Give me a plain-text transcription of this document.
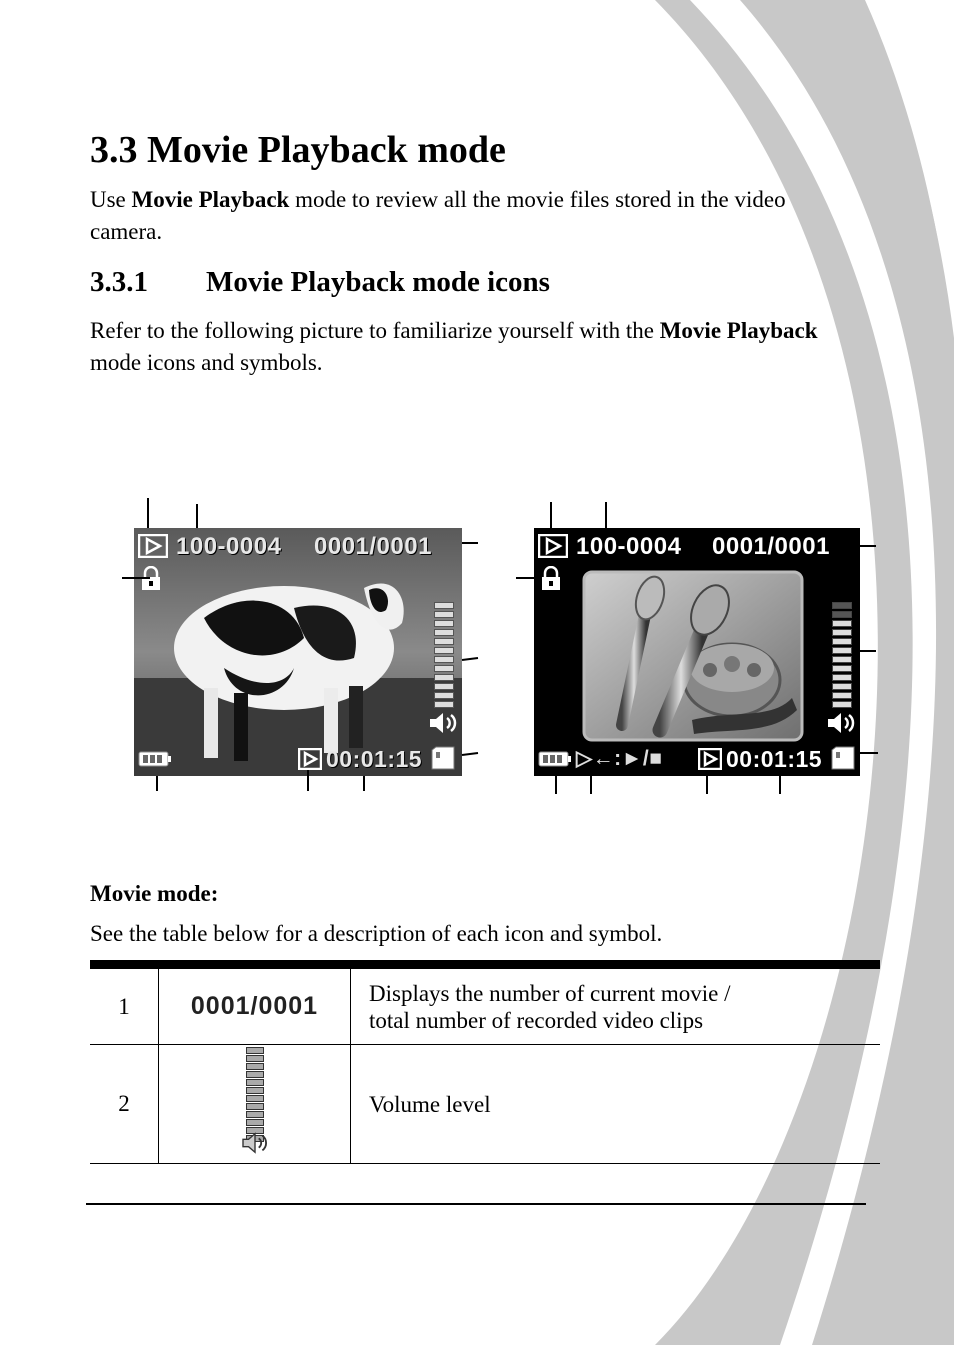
3.3 Movie Playback mode

Use Movie Playback mode to review all the movie files stored in the video camera.

3.3.1 Movie Playback mode icons

Refer to the following picture to familiarize yourself with the Movie Playback mode icons and symbols.

100-0004 0001/0001
00:01:15
100-0004 0001/0001
▷←:►/■	00:01:15

Movie mode:

See the table below for a description of each icon and symbol.

1	0001/0001	Displays the number of current movie /
total number of recorded video clips

2		Volume level
